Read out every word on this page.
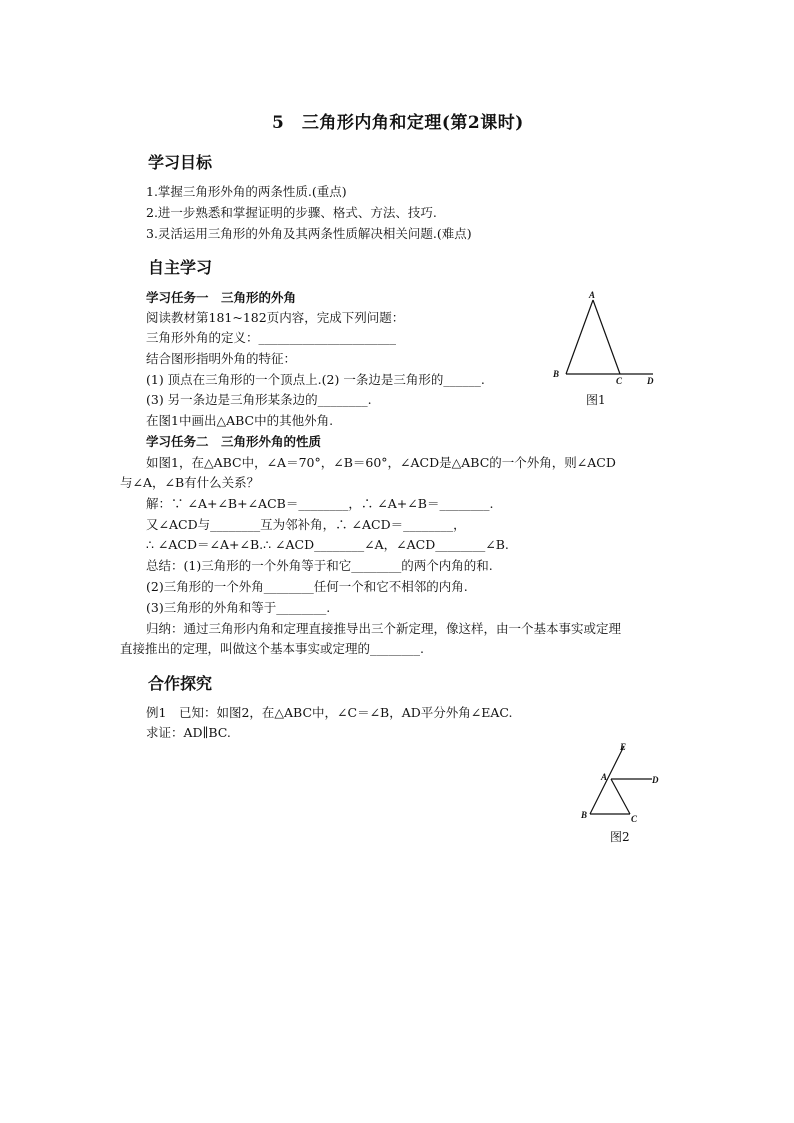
5　三角形内角和定理(第2课时)
学习目标
1.掌握三角形外角的两条性质.(重点)
2.进一步熟悉和掌握证明的步骤、格式、方法、技巧.
3.灵活运用三角形的外角及其两条性质解决相关问题.(难点)
自主学习
学习任务一　三角形的外角
阅读教材第181~182页内容，完成下列问题：
三角形外角的定义：______________________
结合图形指明外角的特征：
(1) 顶点在三角形的一个顶点上.(2) 一条边是三角形的______.
(3) 另一条边是三角形某条边的________.
在图1中画出△ABC中的其他外角.
学习任务二　三角形外角的性质
如图1，在△ABC中，∠A＝70°，∠B＝60°，∠ACD是△ABC的一个外角，则∠ACD
与∠A，∠B有什么关系？
解：∵ ∠A+∠B+∠ACB＝________，∴ ∠A+∠B＝________.
又∠ACD与________互为邻补角，∴ ∠ACD＝________，
∴ ∠ACD＝∠A+∠B.∴ ∠ACD________∠A，∠ACD________∠B.
总结：(1)三角形的一个外角等于和它________的两个内角的和.
(2)三角形的一个外角________任何一个和它不相邻的内角.
(3)三角形的外角和等于________.
归纳：通过三角形内角和定理直接推导出三个新定理，像这样，由一个基本事实或定理
直接推出的定理，叫做这个基本事实或定理的________.
合作探究
例1　已知：如图2，在△ABC中，∠C＝∠B，AD平分外角∠EAC.
求证：AD∥BC.
A
B
C	D
图1
E
A	D
B	C
图2
